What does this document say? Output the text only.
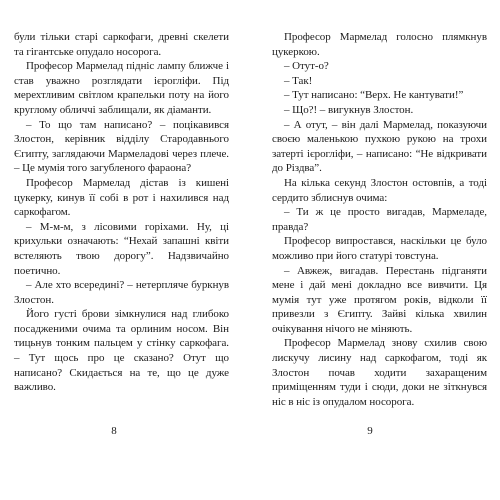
були тільки старі саркофаги, древні скелети та гігантське опудало носорога.

Професор Мармелад підніс лампу ближче і став уважно розглядати ієрогліфи. Під мерехтливим світлом крапельки поту на його круглому обличчі заблищали, як діаманти.

– То що там написано? – поцікавився Злостон, керівник відділу Стародавнього Єгипту, заглядаючи Мармеладові через плече. – Це мумія того загубленого фараона?

Професор Мармелад дістав із кишені цукерку, кинув її собі в рот і нахилився над саркофагом.

– М-м-м, з лісовими горіхами. Ну, ці крихульки означають: “Нехай запашні квіти встеляють твою дорогу”. Надзвичайно поетично.

– Але хто всередині? – нетерпляче буркнув Злостон.

Його густі брови зімкнулися над глибоко посадженими очима та орлиним носом. Він тицьнув тонким пальцем у стінку саркофага. – Тут щось про це сказано? Отут що написано? Скидається на те, що це дуже важливо.

8

Професор Мармелад голосно плямкнув цукеркою.

– Отут-о?

– Так!

– Тут написано: “Верх. Не кантувати!”

– Що?! – вигукнув Злостон.

– А отут, – він далі Мармелад, показуючи своєю маленькою пухкою рукою на трохи затерті ієрогліфи, – написано: “Не відкривати до Різдва”.

На кілька секунд Злостон остовпів, а тоді сердито зблиснув очима:

– Ти ж це просто вигадав, Мармеладе, правда?

Професор випростався, наскільки це було можливо при його статурі товстуна.

– Авжеж, вигадав. Перестань підганяти мене і дай мені докладно все вивчити. Ця мумія тут уже протягом років, відколи її привезли з Єгипту. Зайві кілька хвилин очікування нічого не міняють.

Професор Мармелад знову схилив свою лискучу лисину над саркофагом, тоді як Злостон почав ходити захаращеним приміщенням туди і сюди, доки не зіткнувся ніс в ніс із опудалом носорога.

9
